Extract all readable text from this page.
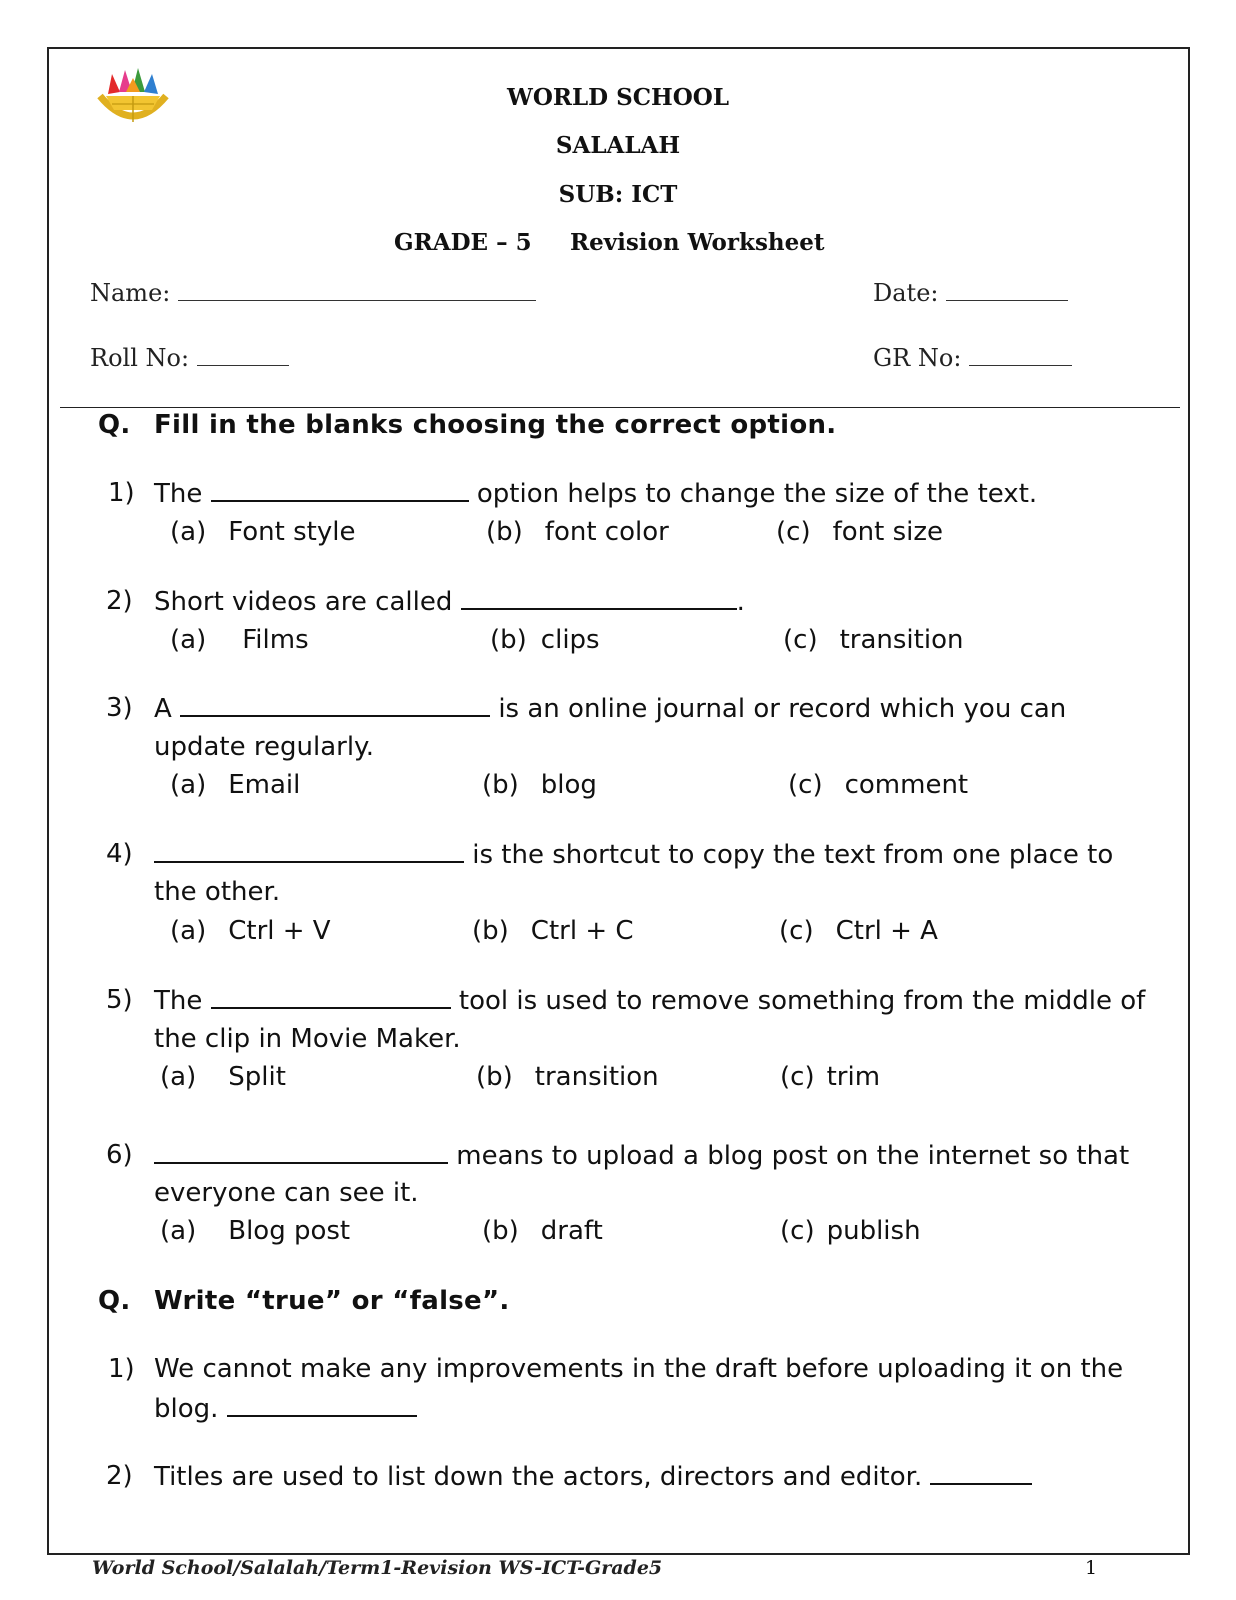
WORLD SCHOOL
SALALAH
SUB: ICT
GRADE – 5 Revision Worksheet
Name:	Date:
Roll No:	GR No:
Q. Fill in the blanks choosing the correct option.
1) The	option helps to change the size of the text.
(a) Font style	(b) font color	(c) font size
2) Short videos are called	.
(a) Films	(b) clips	(c) transition
3) A	is an online journal or record which you can
update regularly.
(a) Email	(b) blog	(c) comment
4)	is the shortcut to copy the text from one place to
the other.
(a) Ctrl + V	(b) Ctrl + C	(c) Ctrl + A
5) The	tool is used to remove something from the middle of
the clip in Movie Maker.
(a) Split	(b) transition	(c) trim
6)	means to upload a blog post on the internet so that
everyone can see it.
(a) Blog post	(b) draft	(c) publish
Q. Write “true” or “false”.
1) We cannot make any improvements in the draft before uploading it on the
blog.
2) Titles are used to list down the actors, directors and editor.
World School/Salalah/Term1-Revision WS-ICT-Grade5	1
